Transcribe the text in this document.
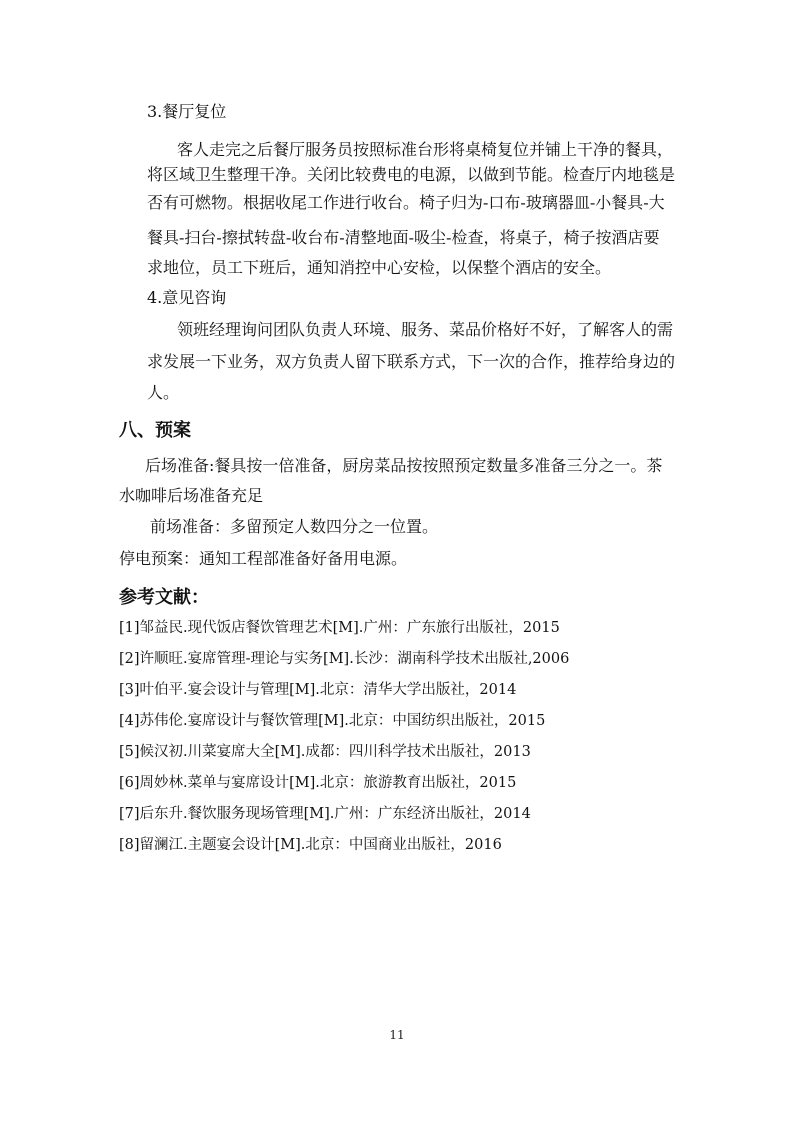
3.餐厅复位
客人走完之后餐厅服务员按照标准台形将桌椅复位并铺上干净的餐具，
将区域卫生整理干净。关闭比较费电的电源，以做到节能。检查厅内地毯是
否有可燃物。根据收尾工作进行收台。椅子归为-口布-玻璃器皿-小餐具-大
餐具-扫台-擦拭转盘-收台布-清整地面-吸尘-检查，将桌子，椅子按酒店要
求地位，员工下班后，通知消控中心安检，以保整个酒店的安全。
4.意见咨询
领班经理询问团队负责人环境、服务、菜品价格好不好，了解客人的需
求发展一下业务，双方负责人留下联系方式，下一次的合作，推荐给身边的
人。
八、预案
后场准备:餐具按一倍准备，厨房菜品按按照预定数量多准备三分之一。茶
水咖啡后场准备充足
前场准备：多留预定人数四分之一位置。
停电预案：通知工程部准备好备用电源。
参考文献：
[1]邹益民.现代饭店餐饮管理艺术[M].广州：广东旅行出版社，2015
[2]许顺旺.宴席管理-理论与实务[M].长沙：湖南科学技术出版社,2006
[3]叶伯平.宴会设计与管理[M].北京：清华大学出版社，2014
[4]苏伟伦.宴席设计与餐饮管理[M].北京：中国纺织出版社，2015
[5]候汉初.川菜宴席大全[M].成都：四川科学技术出版社，2013
[6]周妙林.菜单与宴席设计[M].北京：旅游教育出版社，2015
[7]后东升.餐饮服务现场管理[M].广州：广东经济出版社，2014
[8]留澜江.主题宴会设计[M].北京：中国商业出版社，2016
11
